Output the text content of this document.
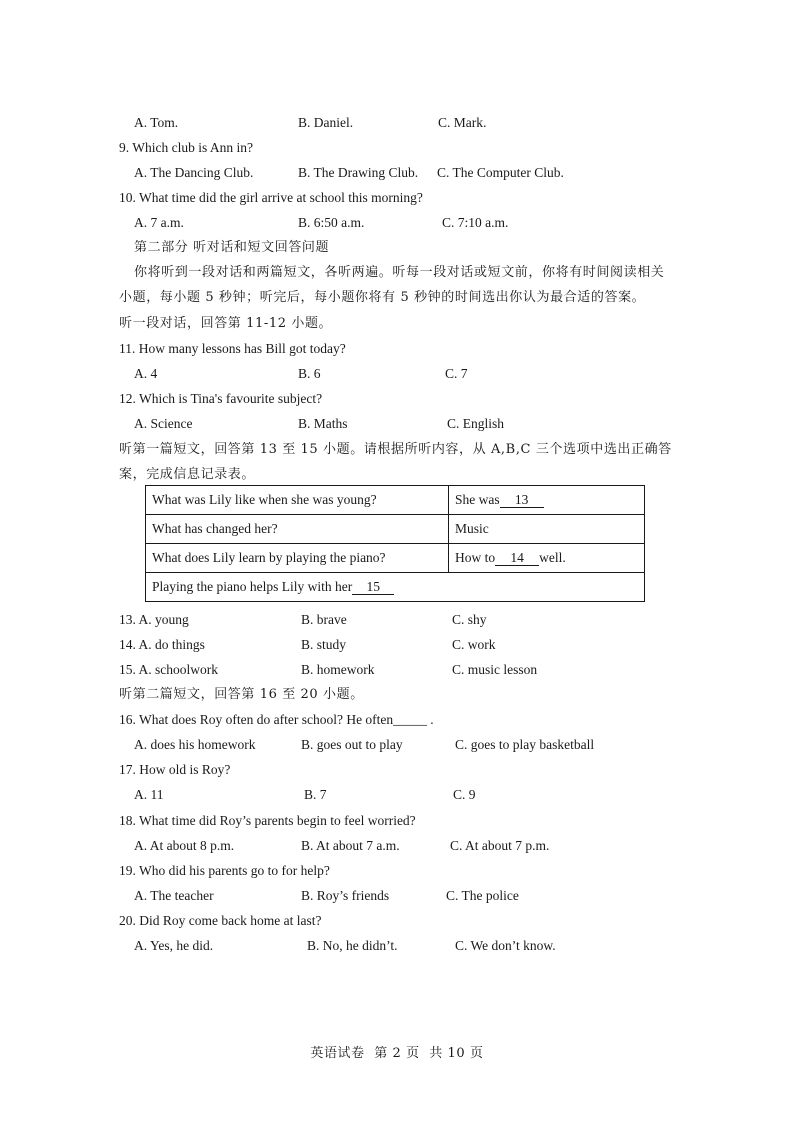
A. Tom.	B. Daniel.	C. Mark.
9. Which club is Ann in?
A. The Dancing Club.	B. The Drawing Club. C. The Computer Club.
10. What time did the girl arrive at school this morning?
A. 7 a.m.	B. 6:50 a.m.	C. 7:10 a.m.
第二部分 听对话和短文回答问题
你将听到一段对话和两篇短文，各听两遍。听每一段对话或短文前，你将有时间阅读相关
小题，每小题 5 秒钟；听完后，每小题你将有 5 秒钟的时间选出你认为最合适的答案。
听一段对话，回答第 11-12 小题。
11. How many lessons has Bill got today?
A. 4	B. 6	C. 7
12. Which is Tina's favourite subject?
A. Science	B. Maths	C. English
听第一篇短文，回答第 13 至 15 小题。请根据所听内容，从 A,B,C 三个选项中选出正确答
案，完成信息记录表。
What was Lily like when she was young?	She was 13
What has changed her?	Music
What does Lily learn by playing the piano?	How to 14 well.
Playing the piano helps Lily with her 15	
13. A. young	B. brave	C. shy
14. A. do things	B. study	C. work
15. A. schoolwork	B. homework	C. music lesson
听第二篇短文，回答第 16 至 20 小题。
16. What does Roy often do after school? He often_____ .
A. does his homework	B. goes out to play	C. goes to play basketball
17. How old is Roy?
A. 11	B. 7	C. 9
18. What time did Roy’s parents begin to feel worried?
A. At about 8 p.m.	B. At about 7 a.m.	C. At about 7 p.m.
19. Who did his parents go to for help?
A. The teacher	B. Roy’s friends	C. The police
20. Did Roy come back home at last?
A. Yes, he did.	B. No, he didn’t.	C. We don’t know.
英语试卷  第 2 页  共 10 页
